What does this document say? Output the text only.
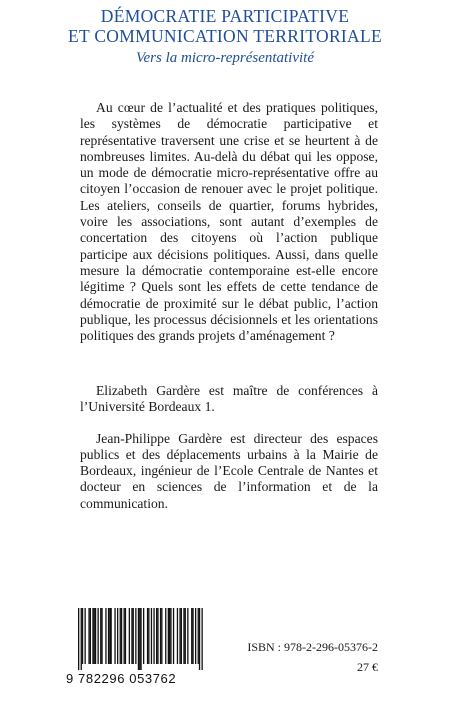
DÉMOCRATIE PARTICIPATIVE
ET COMMUNICATION TERRITORIALE
Vers la micro-représentativité

Au cœur de l’actualité et des pratiques politiques, les systèmes de démocratie participative et représentative traversent une crise et se heurtent à de nombreuses limites. Au-delà du débat qui les oppose, un mode de démocratie micro-représentative offre au citoyen l’occasion de renouer avec le projet politique. Les ateliers, conseils de quartier, forums hybrides, voire les associations, sont autant d’exemples de concertation des citoyens où l’action publique participe aux décisions politiques. Aussi, dans quelle mesure la démocratie contemporaine est-elle encore légitime ? Quels sont les effets de cette tendance de démocratie de proximité sur le débat public, l’action publique, les processus décisionnels et les orientations politiques des grands projets d’aménagement ?

Elizabeth Gardère est maître de conférences à l’Université Bordeaux 1.

Jean-Philippe Gardère est directeur des espaces publics et des déplacements urbains à la Mairie de Bordeaux, ingénieur de l’Ecole Centrale de Nantes et docteur en sciences de l’information et de la communication.

9 782296 053762
ISBN : 978-2-296-05376-2
27 €
